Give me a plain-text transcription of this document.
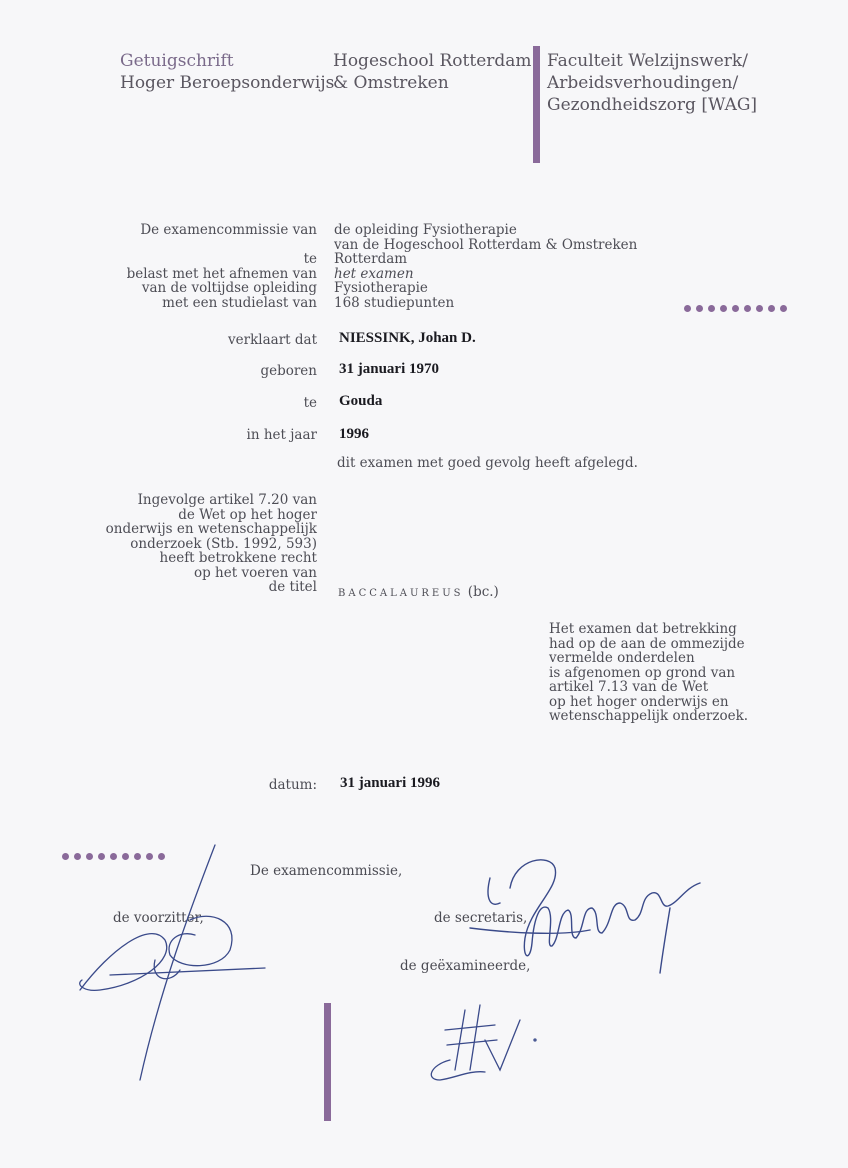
Getuigschrift
Hoger Beroepsonderwijs
Hogeschool Rotterdam
& Omstreken
Faculteit Welzijnswerk/
Arbeidsverhoudingen/
Gezondheidszorg [WAG]
De examencommissie van

te
belast met het afnemen van
van de voltijdse opleiding
met een studielast van
de opleiding Fysiotherapie
van de Hogeschool Rotterdam & Omstreken
Rotterdam
het examen
Fysiotherapie
168 studiepunten
verklaart dat NIESSINK, Johan D.
geboren 31 januari 1970
te Gouda
in het jaar 1996
dit examen met goed gevolg heeft afgelegd.
Ingevolge artikel 7.20 van
de Wet op het hoger
onderwijs en wetenschappelijk
onderzoek (Stb. 1992, 593)
heeft betrokkene recht
op het voeren van
de titel BACCALAUREUS (bc.)
Het examen dat betrekking
had op de aan de ommezijde
vermelde onderdelen
is afgenomen op grond van
artikel 7.13 van de Wet
op het hoger onderwijs en
wetenschappelijk onderzoek.
datum: 31 januari 1996
De examencommissie,
de voorzitter,	de secretaris,
de geëxamineerde,
